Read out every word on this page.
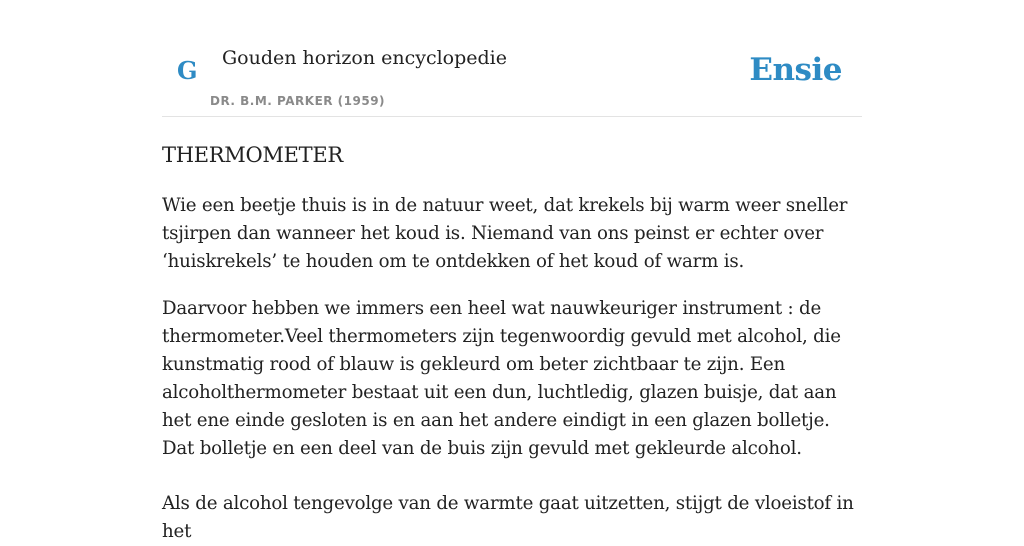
G Gouden horizon encyclopedie
DR. B.M. PARKER (1959)
Ensie
THERMOMETER

Wie een beetje thuis is in de natuur weet, dat krekels bij warm weer sneller tsjirpen dan wanneer het koud is. Niemand van ons peinst er echter over ‘huiskrekels’ te houden om te ontdekken of het koud of warm is.

Daarvoor hebben we immers een heel wat nauwkeuriger instrument : de thermometer.Veel thermometers zijn tegenwoordig gevuld met alcohol, die kunstmatig rood of blauw is gekleurd om beter zichtbaar te zijn. Een alcoholthermometer bestaat uit een dun, luchtledig, glazen buisje, dat aan het ene einde gesloten is en aan het andere eindigt in een glazen bolletje. Dat bolletje en een deel van de buis zijn gevuld met gekleurde alcohol.

Als de alcohol tengevolge van de warmte gaat uitzetten, stijgt de vloeistof in het
